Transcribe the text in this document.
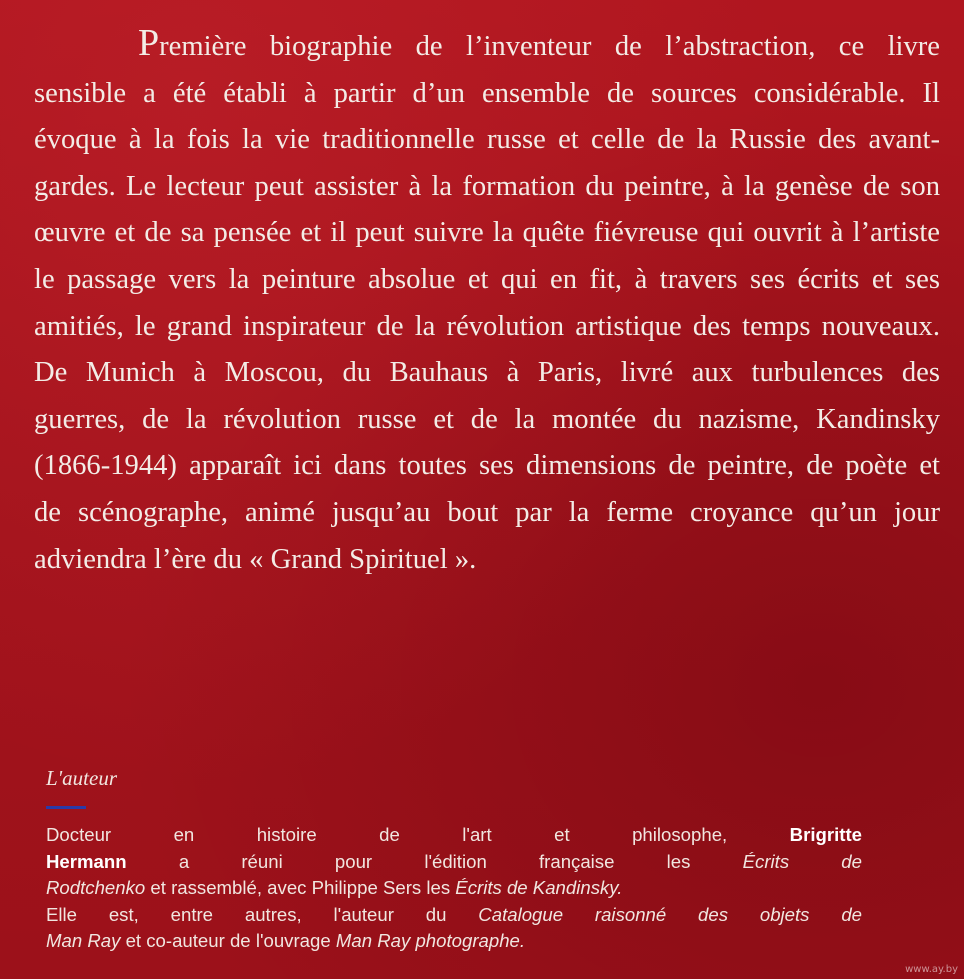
Première biographie de l’inventeur de l’abstraction, ce livre
sensible a été établi à partir d’un ensemble de sources considérable. Il
évoque à la fois la vie traditionnelle russe et celle de la Russie des avant-
gardes. Le lecteur peut assister à la formation du peintre, à la genèse de son
œuvre et de sa pensée et il peut suivre la quête fiévreuse qui ouvrit à l’artiste
le passage vers la peinture absolue et qui en fit, à travers ses écrits et ses
amitiés, le grand inspirateur de la révolution artistique des temps nouveaux.
De Munich à Moscou, du Bauhaus à Paris, livré aux turbulences des
guerres, de la révolution russe et de la montée du nazisme, Kandinsky
(1866-1944) apparaît ici dans toutes ses dimensions de peintre, de poète et
de scénographe, animé jusqu’au bout par la ferme croyance qu’un jour
adviendra l’ère du « Grand Spirituel ».
L'auteur
Docteur en histoire de l'art et philosophe,	Brigritte
Hermann	a réuni pour l'édition française les	Écrits de
Rodtchenko et rassemblé, avec Philippe Sers les Écrits de Kandinsky.
Elle est, entre autres, l'auteur du Catalogue raisonné des objets de
Man Ray et co-auteur de l'ouvrage Man Ray photographe.
www.ay.by
